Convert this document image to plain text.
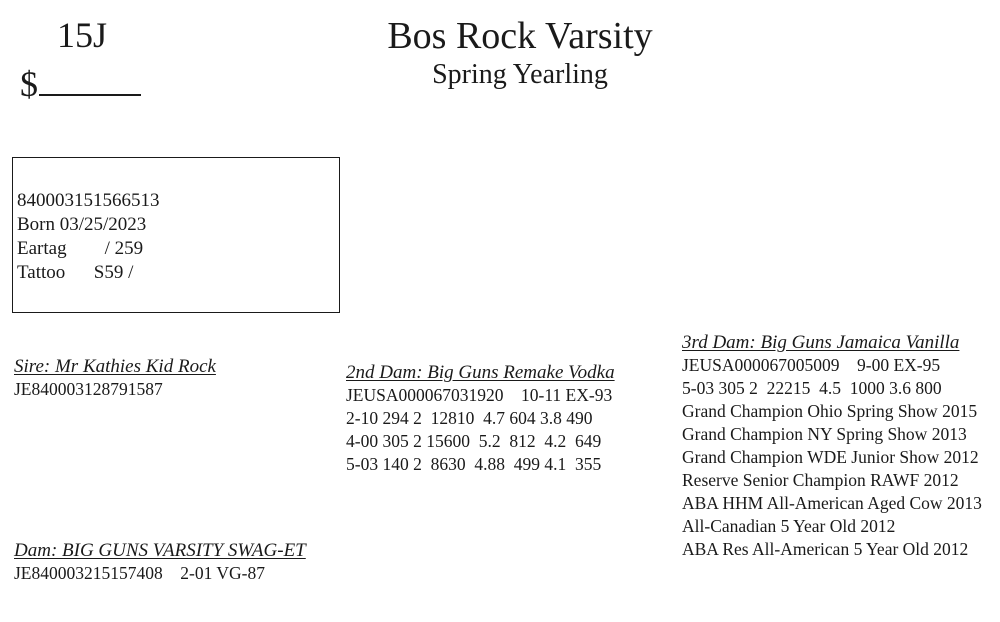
15J
$
Bos Rock Varsity
Spring Yearling
840003151566513
Born 03/25/2023
Eartag        / 259
Tattoo      S59 /
Sire: Mr Kathies Kid Rock
JE840003128791587
Dam: BIG GUNS VARSITY SWAG-ET
JE840003215157408    2-01 VG-87
2nd Dam: Big Guns Remake Vodka
JEUSA000067031920    10-11 EX-93
2-10 294 2  12810  4.7 604 3.8 490
4-00 305 2 15600  5.2  812  4.2  649
5-03 140 2  8630  4.88  499 4.1  355
3rd Dam: Big Guns Jamaica Vanilla
JEUSA000067005009    9-00 EX-95
5-03 305 2  22215  4.5  1000 3.6 800
Grand Champion Ohio Spring Show 2015
Grand Champion NY Spring Show 2013
Grand Champion WDE Junior Show 2012
Reserve Senior Champion RAWF 2012
ABA HHM All-American Aged Cow 2013
All-Canadian 5 Year Old 2012
ABA Res All-American 5 Year Old 2012
